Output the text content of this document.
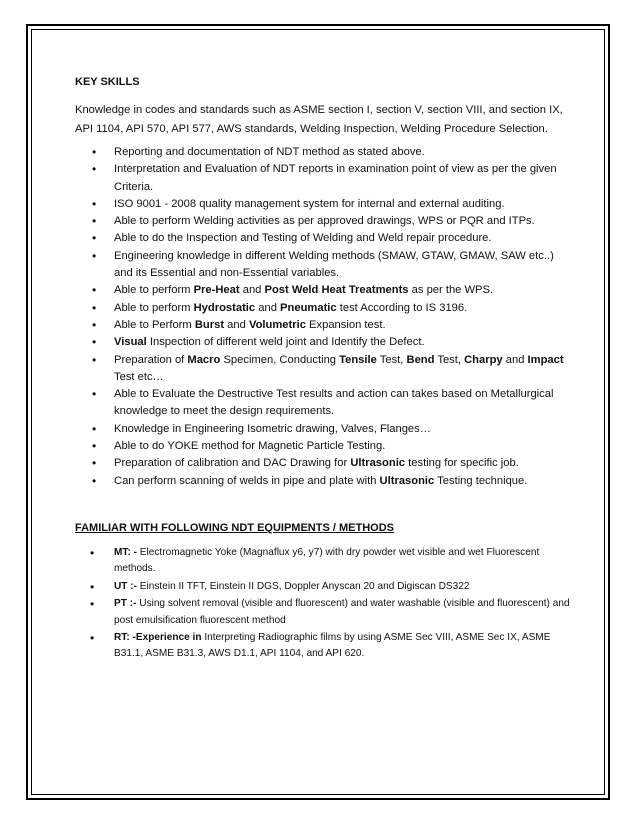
KEY SKILLS

Knowledge in codes and standards such as ASME section I, section V, section VIII, and section IX, API 1104, API 570, API 577, AWS standards, Welding Inspection, Welding Procedure Selection.

• Reporting and documentation of NDT method as stated above.
• Interpretation and Evaluation of NDT reports in examination point of view as per the given Criteria.
• ISO 9001 - 2008 quality management system for internal and external auditing.
• Able to perform Welding activities as per approved drawings, WPS or PQR and ITPs.
• Able to do the Inspection and Testing of Welding and Weld repair procedure.
• Engineering knowledge in different Welding methods (SMAW, GTAW, GMAW, SAW etc..) and its Essential and non-Essential variables.
• Able to perform Pre-Heat and Post Weld Heat Treatments as per the WPS.
• Able to perform Hydrostatic and Pneumatic test According to IS 3196.
• Able to Perform Burst and Volumetric Expansion test.
• Visual Inspection of different weld joint and Identify the Defect.
• Preparation of Macro Specimen, Conducting Tensile Test, Bend Test, Charpy and Impact Test etc…
• Able to Evaluate the Destructive Test results and action can takes based on Metallurgical knowledge to meet the design requirements.
• Knowledge in Engineering Isometric drawing, Valves, Flanges…
• Able to do YOKE method for Magnetic Particle Testing.
• Preparation of calibration and DAC Drawing for Ultrasonic testing for specific job.
• Can perform scanning of welds in pipe and plate with Ultrasonic Testing technique.
FAMILIAR WITH FOLLOWING NDT EQUIPMENTS / METHODS
• MT: - Electromagnetic Yoke (Magnaflux y6, y7) with dry powder wet visible and wet Fluorescent methods.
• UT :- Einstein II TFT, Einstein II DGS, Doppler Anyscan 20 and Digiscan DS322
• PT :- Using solvent removal (visible and fluorescent) and water washable (visible and fluorescent) and post emulsification fluorescent method
• RT: -Experience in Interpreting Radiographic films by using ASME Sec VIII, ASME Sec IX, ASME B31.1, ASME B31.3, AWS D1.1, API 1104, and API 620.
